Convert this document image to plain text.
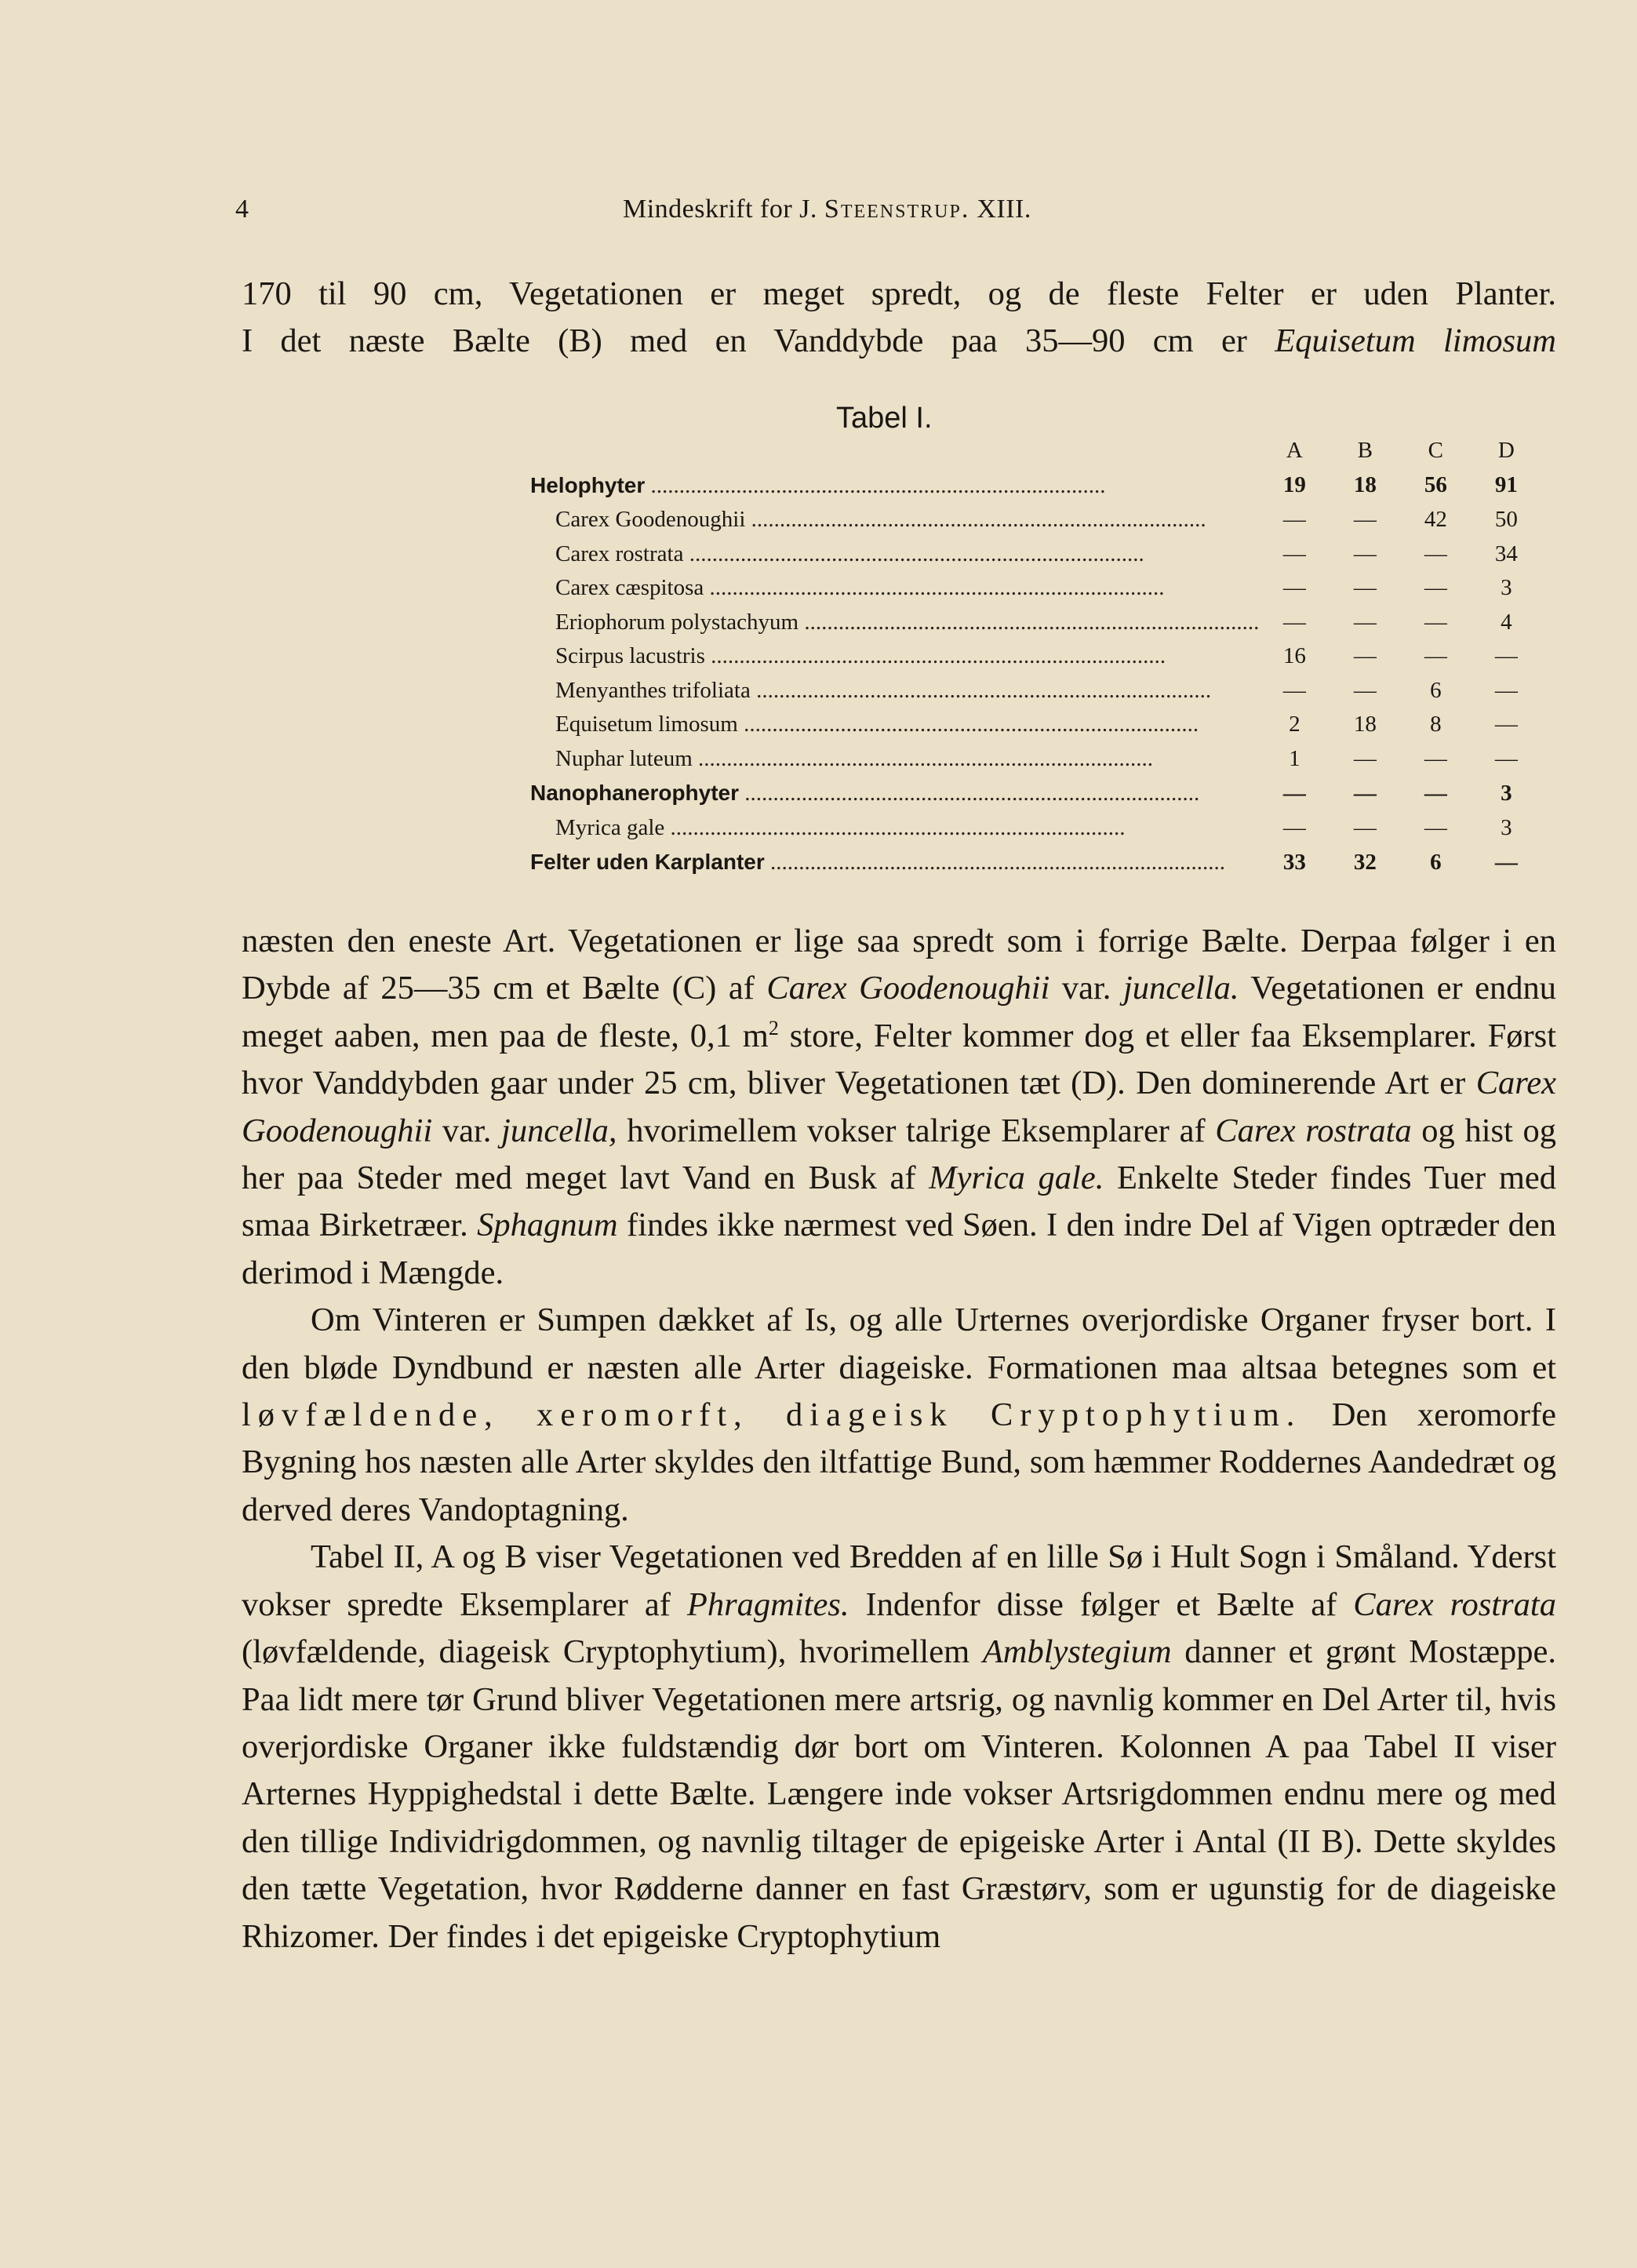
4	Mindeskrift for J. Steenstrup. XIII.

170 til 90 cm, Vegetationen er meget spredt, og de fleste Felter er uden Planter.

I det næste Bælte (B) med en Vanddybde paa 35—90 cm er Equisetum limosum

Tabel I.
	A	B	C	D
Helophyter ................................................................................	19	18	56	91
Carex Goodenoughii ................................................................................	—	—	42	50
Carex rostrata ................................................................................	—	—	—	34
Carex cæspitosa ................................................................................	—	—	—	3
Eriophorum polystachyum ................................................................................	—	—	—	4
Scirpus lacustris ................................................................................	16	—	—	—
Menyanthes trifoliata ................................................................................	—	—	6	—
Equisetum limosum ................................................................................	2	18	8	—
Nuphar luteum ................................................................................	1	—	—	—
Nanophanerophyter ................................................................................	—	—	—	3
Myrica gale ................................................................................	—	—	—	3
Felter uden Karplanter ................................................................................	33	32	6	—

næsten den eneste Art. Vegetationen er lige saa spredt som i forrige Bælte. Derpaa følger i en Dybde af 25—35 cm et Bælte (C) af Carex Goodenoughii var. juncella. Vegetationen er endnu meget aaben, men paa de fleste, 0,1 $m^2$ store, Felter kommer dog et eller faa Eksemplarer. Først hvor Vanddybden gaar under 25 cm, bliver Vegetationen tæt (D). Den dominerende Art er Carex Goodenoughii var. juncella, hvorimellem vokser talrige Eksemplarer af Carex rostrata og hist og her paa Steder med meget lavt Vand en Busk af Myrica gale. Enkelte Steder findes Tuer med smaa Birketræer. Sphagnum findes ikke nærmest ved Søen. I den indre Del af Vigen optræder den derimod i Mængde.

Om Vinteren er Sumpen dækket af Is, og alle Urternes overjordiske Organer fryser bort. I den bløde Dyndbund er næsten alle Arter diageiske. Formationen maa altsaa betegnes som et løvfældende, xeromorft, diageisk Cryptophytium. Den xeromorfe Bygning hos næsten alle Arter skyldes den iltfattige Bund, som hæmmer Roddernes Aandedræt og derved deres Vandoptagning.

Tabel II, A og B viser Vegetationen ved Bredden af en lille Sø i Hult Sogn i Småland. Yderst vokser spredte Eksemplarer af Phragmites. Indenfor disse følger et Bælte af Carex rostrata (løvfældende, diageisk Cryptophytium), hvorimellem Amblystegium danner et grønt Mostæppe. Paa lidt mere tør Grund bliver Vegetationen mere artsrig, og navnlig kommer en Del Arter til, hvis overjordiske Organer ikke fuldstændig dør bort om Vinteren. Kolonnen A paa Tabel II viser Arternes Hyppighedstal i dette Bælte. Længere inde vokser Artsrigdommen endnu mere og med den tillige Individrigdommen, og navnlig tiltager de epigeiske Arter i Antal (II B). Dette skyldes den tætte Vegetation, hvor Rødderne danner en fast Græstørv, som er ugunstig for de diageiske Rhizomer. Der findes i det epigeiske Cryptophytium
